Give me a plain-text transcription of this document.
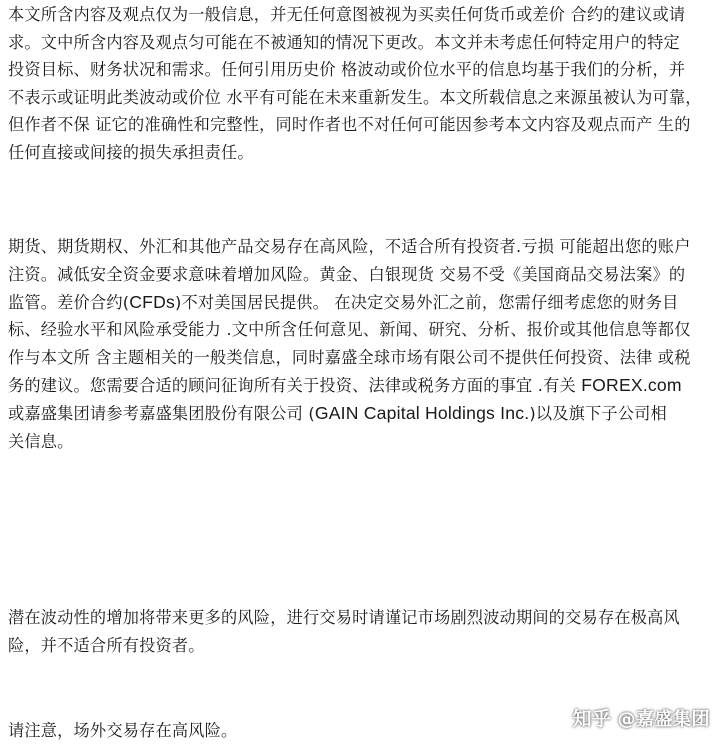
本文所含内容及观点仅为一般信息，并无任何意图被视为买卖任何货币或差价 合约的建议或请
求。文中所含内容及观点匀可能在不被通知的情况下更改。本文并未考虑任何特定用户的特定
投资目标、财务状况和需求。任何引用历史价 格波动或价位水平的信息均基于我们的分析，并
不表示或证明此类波动或价位 水平有可能在未来重新发生。本文所载信息之来源虽被认为可靠，
但作者不保 证它的准确性和完整性，同时作者也不对任何可能因参考本文内容及观点而产 生的
任何直接或间接的损失承担责任。

期货、期货期权、外汇和其他产品交易存在高风险，不适合所有投资者.亏损 可能超出您的账户
注资。减低安全资金要求意味着增加风险。黄金、白银现货 交易不受《美国商品交易法案》的
监管。差价合约(CFDs)不对美国居民提供。 在决定交易外汇之前，您需仔细考虑您的财务目
标、经验水平和风险承受能力 .文中所含任何意见、新闻、研究、分析、报价或其他信息等都仅
作与本文所 含主题相关的一般类信息，同时嘉盛全球市场有限公司不提供任何投资、法律 或税
务的建议。您需要合适的顾问征询所有关于投资、法律或税务方面的事宜 .有关 FOREX.com
或嘉盛集团请参考嘉盛集团股份有限公司 (GAIN Capital Holdings Inc.)以及旗下子公司相
关信息。

潜在波动性的增加将带来更多的风险，进行交易时请谨记市场剧烈波动期间的交易存在极高风
险，并不适合所有投资者。

请注意，场外交易存在高风险。

知乎 @嘉盛集团
